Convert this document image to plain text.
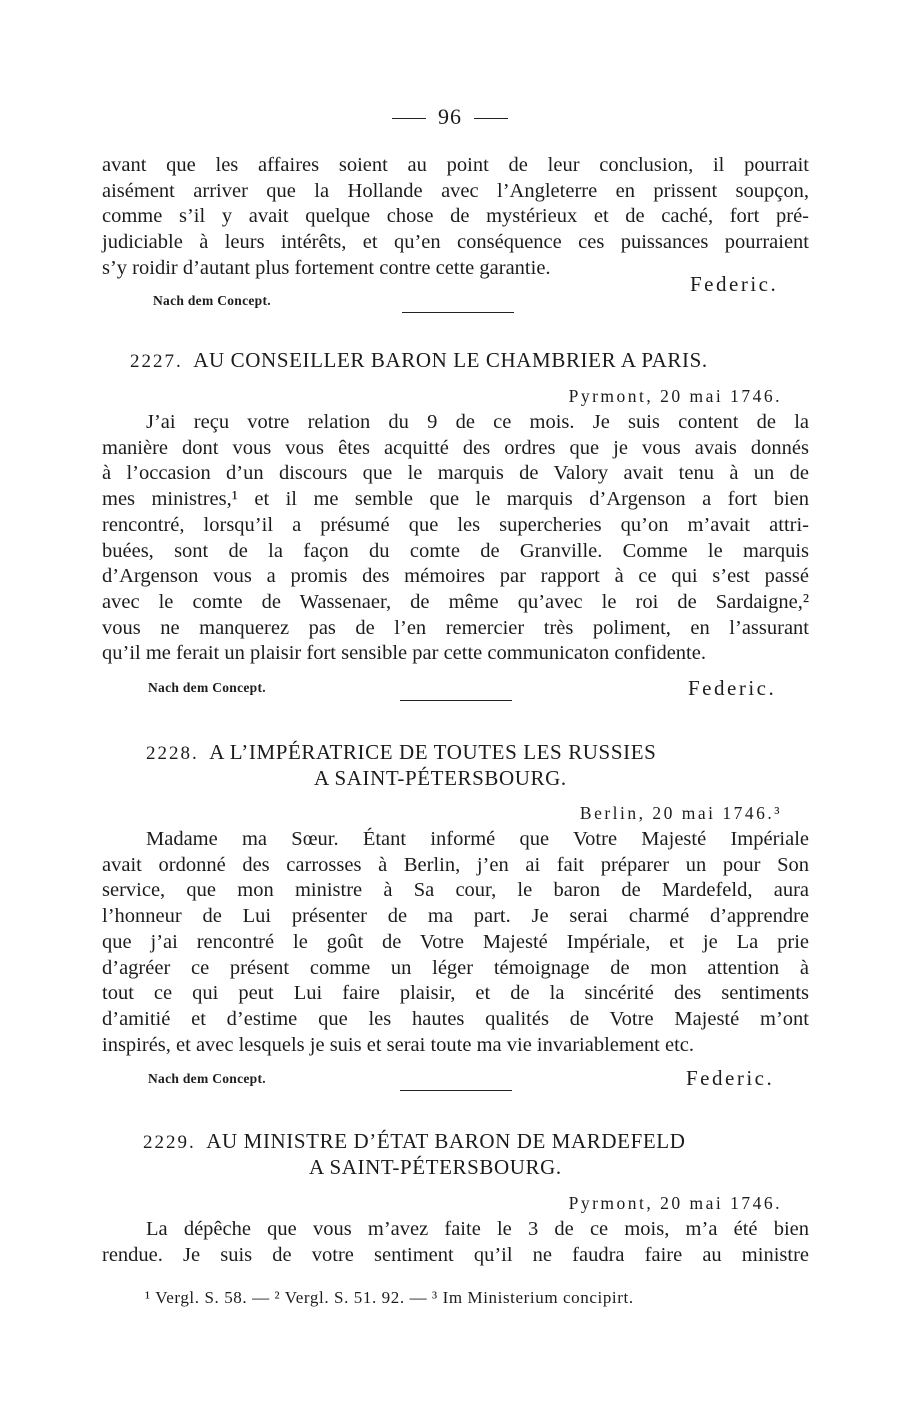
96

avant que les affaires soient au point de leur conclusion, il pourrait
aisément arriver que la Hollande avec l’Angleterre en prissent soupçon,
comme s’il y avait quelque chose de mystérieux et de caché, fort pré-
judiciable à leurs intérêts, et qu’en conséquence ces puissances pourraient
s’y roidir d’autant plus fortement contre cette garantie.

Federic.
Nach dem Concept.
2227. AU CONSEILLER BARON LE CHAMBRIER A PARIS.
Pyrmont, 20 mai 1746.

J’ai reçu votre relation du 9 de ce mois. Je suis content de la
manière dont vous vous êtes acquitté des ordres que je vous avais donnés
à l’occasion d’un discours que le marquis de Valory avait tenu à un de
mes ministres,¹ et il me semble que le marquis d’Argenson a fort bien
rencontré, lorsqu’il a présumé que les supercheries qu’on m’avait attri-
buées, sont de la façon du comte de Granville. Comme le marquis
d’Argenson vous a promis des mémoires par rapport à ce qui s’est passé
avec le comte de Wassenaer, de même qu’avec le roi de Sardaigne,²
vous ne manquerez pas de l’en remercier très poliment, en l’assurant
qu’il me ferait un plaisir fort sensible par cette communicaton confidente.

Nach dem Concept.	Federic.
2228. A L’IMPÉRATRICE DE TOUTES LES RUSSIES
A SAINT-PÉTERSBOURG.
Berlin, 20 mai 1746.³

Madame ma Sœur. Étant informé que Votre Majesté Impériale
avait ordonné des carrosses à Berlin, j’en ai fait préparer un pour Son
service, que mon ministre à Sa cour, le baron de Mardefeld, aura
l’honneur de Lui présenter de ma part. Je serai charmé d’apprendre
que j’ai rencontré le goût de Votre Majesté Impériale, et je La prie
d’agréer ce présent comme un léger témoignage de mon attention à
tout ce qui peut Lui faire plaisir, et de la sincérité des sentiments
d’amitié et d’estime que les hautes qualités de Votre Majesté m’ont
inspirés, et avec lesquels je suis et serai toute ma vie invariablement etc.

Nach dem Concept.	Federic.
2229. AU MINISTRE D’ÉTAT BARON DE MARDEFELD
A SAINT-PÉTERSBOURG.
Pyrmont, 20 mai 1746.

La dépêche que vous m’avez faite le 3 de ce mois, m’a été bien
rendue. Je suis de votre sentiment qu’il ne faudra faire au ministre

¹ Vergl. S. 58. — ² Vergl. S. 51. 92. — ³ Im Ministerium concipirt.
